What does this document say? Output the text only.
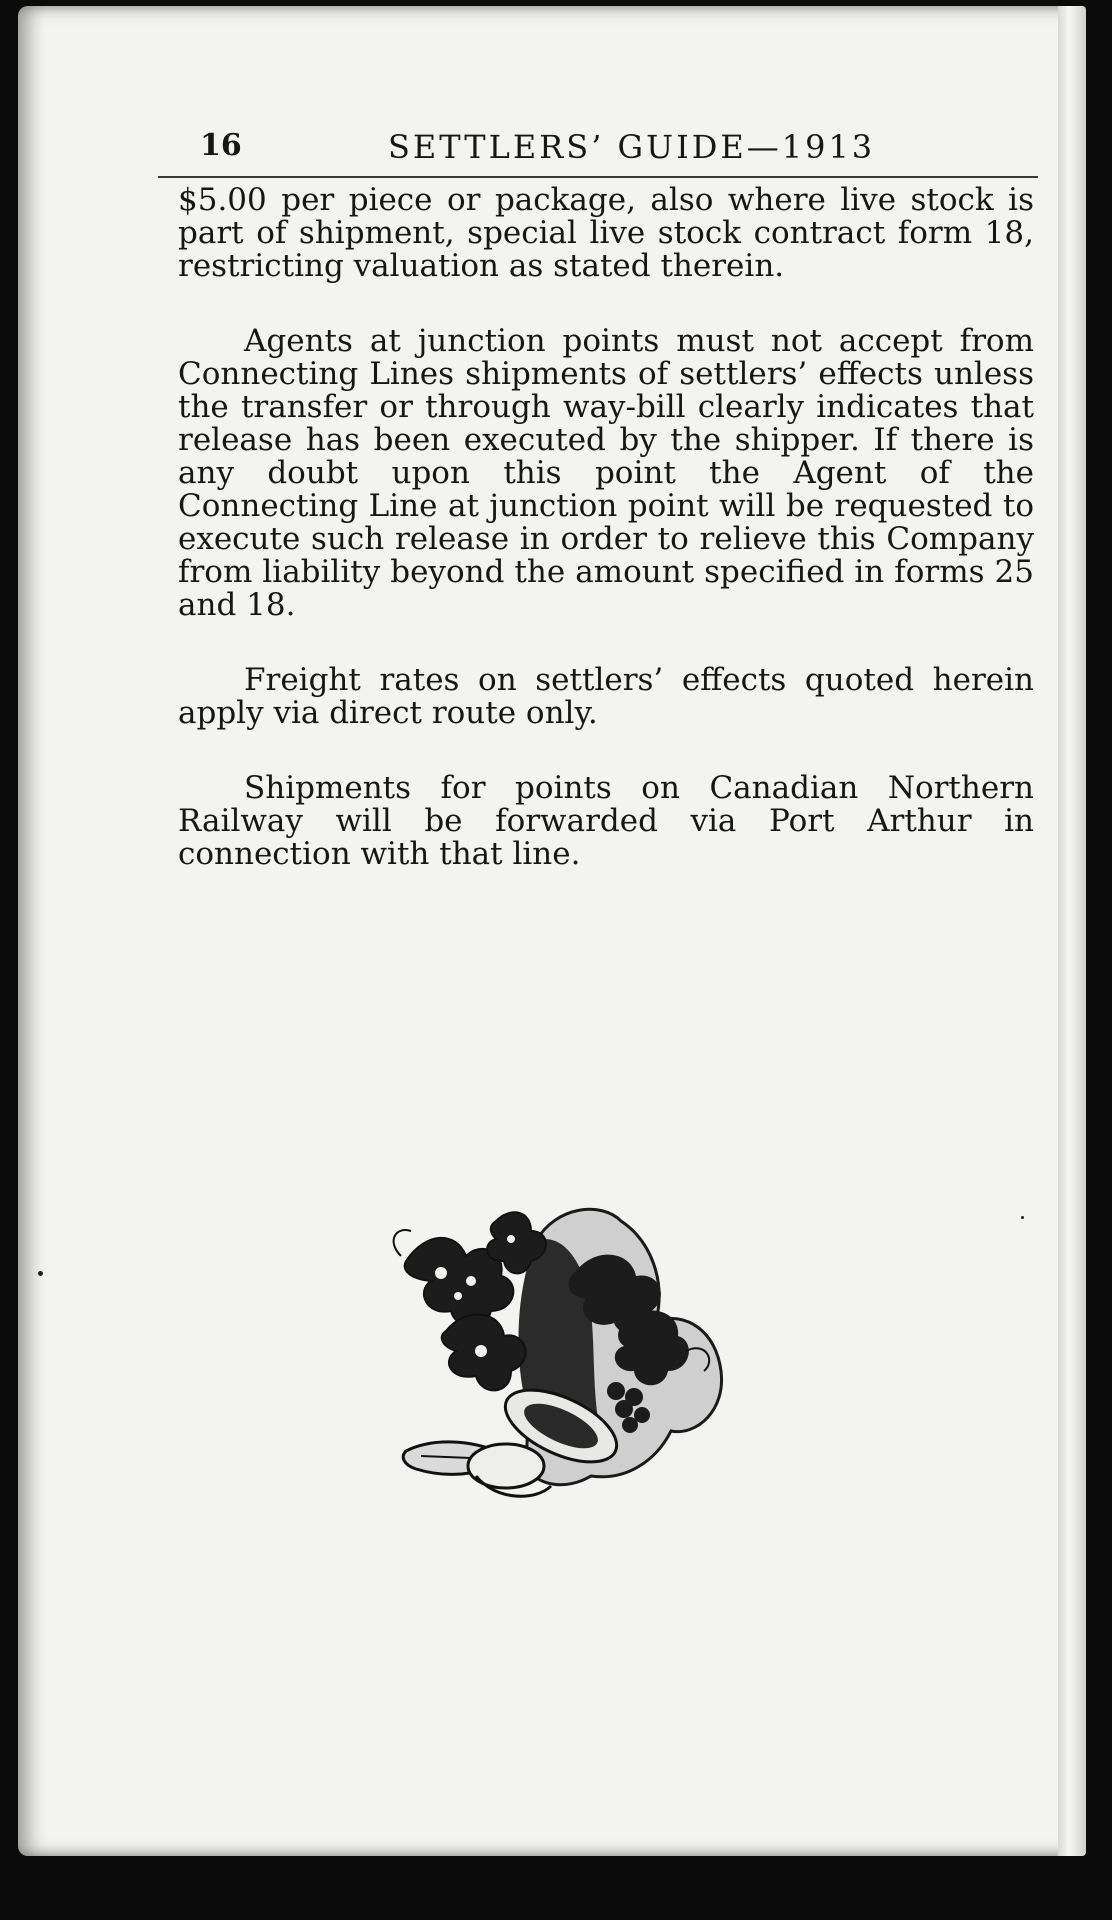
16	SETTLERS’ GUIDE—1913

$5.00 per piece or package, also where live stock is part of shipment, special live stock contract form 18, restricting valuation as stated therein.

Agents at junction points must not accept from Connecting Lines shipments of settlers’ effects unless the transfer or through way-bill clearly indicates that release has been executed by the shipper. If there is any doubt upon this point the Agent of the Connecting Line at junction point will be requested to execute such release in order to relieve this Company from liability beyond the amount specified in forms 25 and 18.

Freight rates on settlers’ effects quoted herein apply via direct route only.

Shipments for points on Canadian Northern Railway will be forwarded via Port Arthur in connection with that line.
